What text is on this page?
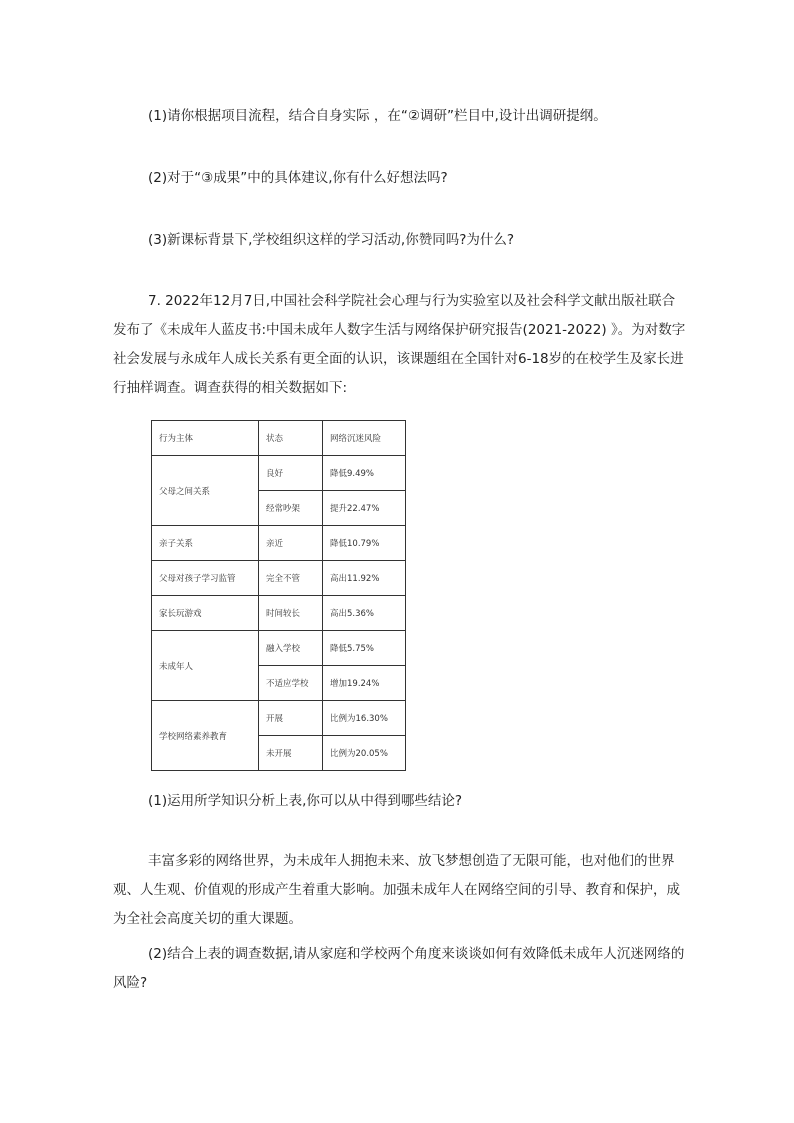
(1)请你根据项目流程，结合自身实际 ，在“②调研”栏目中,设计出调研提纲。
(2)对于“③成果”中的具体建议,你有什么好想法吗?
(3)新课标背景下,学校组织这样的学习活动,你赞同吗?为什么?
7. 2022年12月7日,中国社会科学院社会心理与行为实验室以及社会科学文献出版社联合发布了《未成年人蓝皮书:中国未成年人数字生活与网络保护研究报告(2021-2022) 》。为对数字社会发展与永成年人成长关系有更全面的认识，该课题组在全国针对6-18岁的在校学生及家长进行抽样调查。调查获得的相关数据如下:
行为主体	状态	网络沉迷风险
父母之间关系	良好	降低9.49%
	经常吵架	提升22.47%
亲子关系	亲近	降低10.79%
父母对孩子学习监管	完全不管	高出11.92%
家长玩游戏	时间较长	高出5.36%
未成年人	融入学校	降低5.75%
	不适应学校	增加19.24%
学校网络素养教育	开展	比例为16.30%
	未开展	比例为20.05%
(1)运用所学知识分析上表,你可以从中得到哪些结论?
丰富多彩的网络世界，为未成年人拥抱未来、放飞梦想创造了无限可能，也对他们的世界观、人生观、价值观的形成产生着重大影响。加强未成年人在网络空间的引导、教育和保护，成为全社会高度关切的重大课题。
(2)结合上表的调查数据,请从家庭和学校两个角度来谈谈如何有效降低未成年人沉迷网络的风险?
